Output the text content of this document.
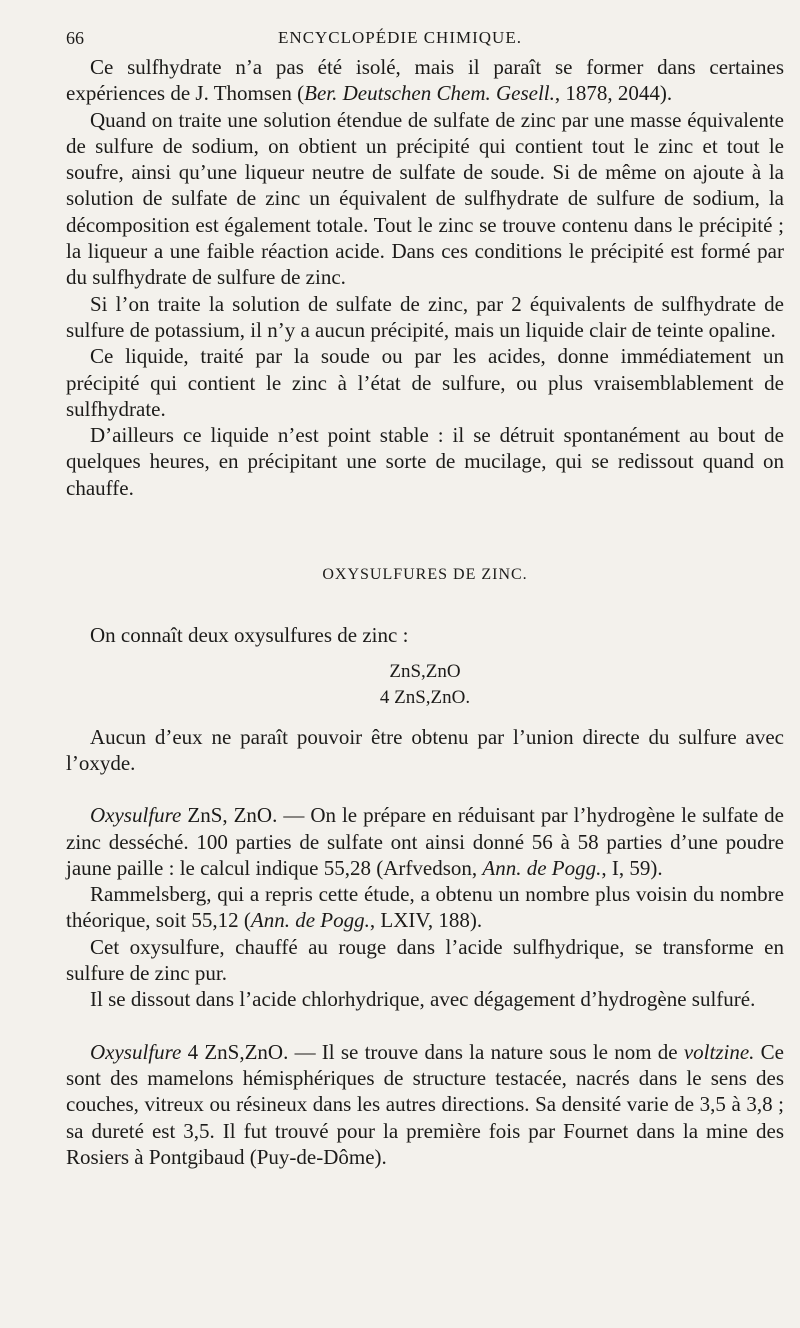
66	ENCYCLOPÉDIE CHIMIQUE.

Ce sulfhydrate n’a pas été isolé, mais il paraît se former dans certaines expériences de J. Thomsen (Ber. Deutschen Chem. Gesell., 1878, 2044).

Quand on traite une solution étendue de sulfate de zinc par une masse équivalente de sulfure de sodium, on obtient un précipité qui contient tout le zinc et tout le soufre, ainsi qu’une liqueur neutre de sulfate de soude. Si de même on ajoute à la solution de sulfate de zinc un équivalent de sulfhydrate de sulfure de sodium, la décomposition est également totale. Tout le zinc se trouve contenu dans le précipité ; la liqueur a une faible réaction acide. Dans ces conditions le précipité est formé par du sulfhydrate de sulfure de zinc.

Si l’on traite la solution de sulfate de zinc, par 2 équivalents de sulfhydrate de sulfure de potassium, il n’y a aucun précipité, mais un liquide clair de teinte opaline.

Ce liquide, traité par la soude ou par les acides, donne immédiatement un précipité qui contient le zinc à l’état de sulfure, ou plus vraisemblablement de sulfhydrate.

D’ailleurs ce liquide n’est point stable : il se détruit spontanément au bout de quelques heures, en précipitant une sorte de mucilage, qui se redissout quand on chauffe.

OXYSULFURES DE ZINC.

On connaît deux oxysulfures de zinc :

ZnS,ZnO
4 ZnS,ZnO.

Aucun d’eux ne paraît pouvoir être obtenu par l’union directe du sulfure avec l’oxyde.

Oxysulfure ZnS, ZnO. — On le prépare en réduisant par l’hydrogène le sulfate de zinc desséché. 100 parties de sulfate ont ainsi donné 56 à 58 parties d’une poudre jaune paille : le calcul indique 55,28 (Arfvedson, Ann. de Pogg., I, 59).

Rammelsberg, qui a repris cette étude, a obtenu un nombre plus voisin du nombre théorique, soit 55,12 (Ann. de Pogg., LXIV, 188).

Cet oxysulfure, chauffé au rouge dans l’acide sulfhydrique, se transforme en sulfure de zinc pur.

Il se dissout dans l’acide chlorhydrique, avec dégagement d’hydrogène sulfuré.

Oxysulfure 4 ZnS,ZnO. — Il se trouve dans la nature sous le nom de voltzine. Ce sont des mamelons hémisphériques de structure testacée, nacrés dans le sens des couches, vitreux ou résineux dans les autres directions. Sa densité varie de 3,5 à 3,8 ; sa dureté est 3,5. Il fut trouvé pour la première fois par Fournet dans la mine des Rosiers à Pontgibaud (Puy-de-Dôme).
